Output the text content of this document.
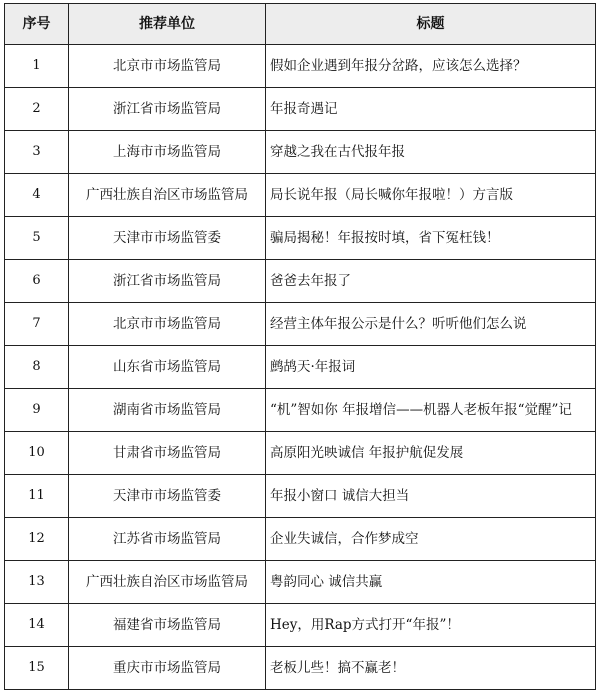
序号	推荐单位	标题
1	北京市市场监管局	假如企业遇到年报分岔路，应该怎么选择？
2	浙江省市场监管局	年报奇遇记
3	上海市市场监管局	穿越之我在古代报年报
4	广西壮族自治区市场监管局	局长说年报（局长喊你年报啦！）方言版
5	天津市市场监管委	骗局揭秘！年报按时填，省下冤枉钱！
6	浙江省市场监管局	爸爸去年报了
7	北京市市场监管局	经营主体年报公示是什么？听听他们怎么说
8	山东省市场监管局	鹧鸪天·年报词
9	湖南省市场监管局	“机”智如你 年报增信——机器人老板年报“觉醒”记
10	甘肃省市场监管局	高原阳光映诚信 年报护航促发展
11	天津市市场监管委	年报小窗口 诚信大担当
12	江苏省市场监管局	企业失诚信，合作梦成空
13	广西壮族自治区市场监管局	粤韵同心 诚信共赢
14	福建省市场监管局	Hey，用Rap方式打开“年报”！
15	重庆市市场监管局	老板儿些！搞不赢老！
